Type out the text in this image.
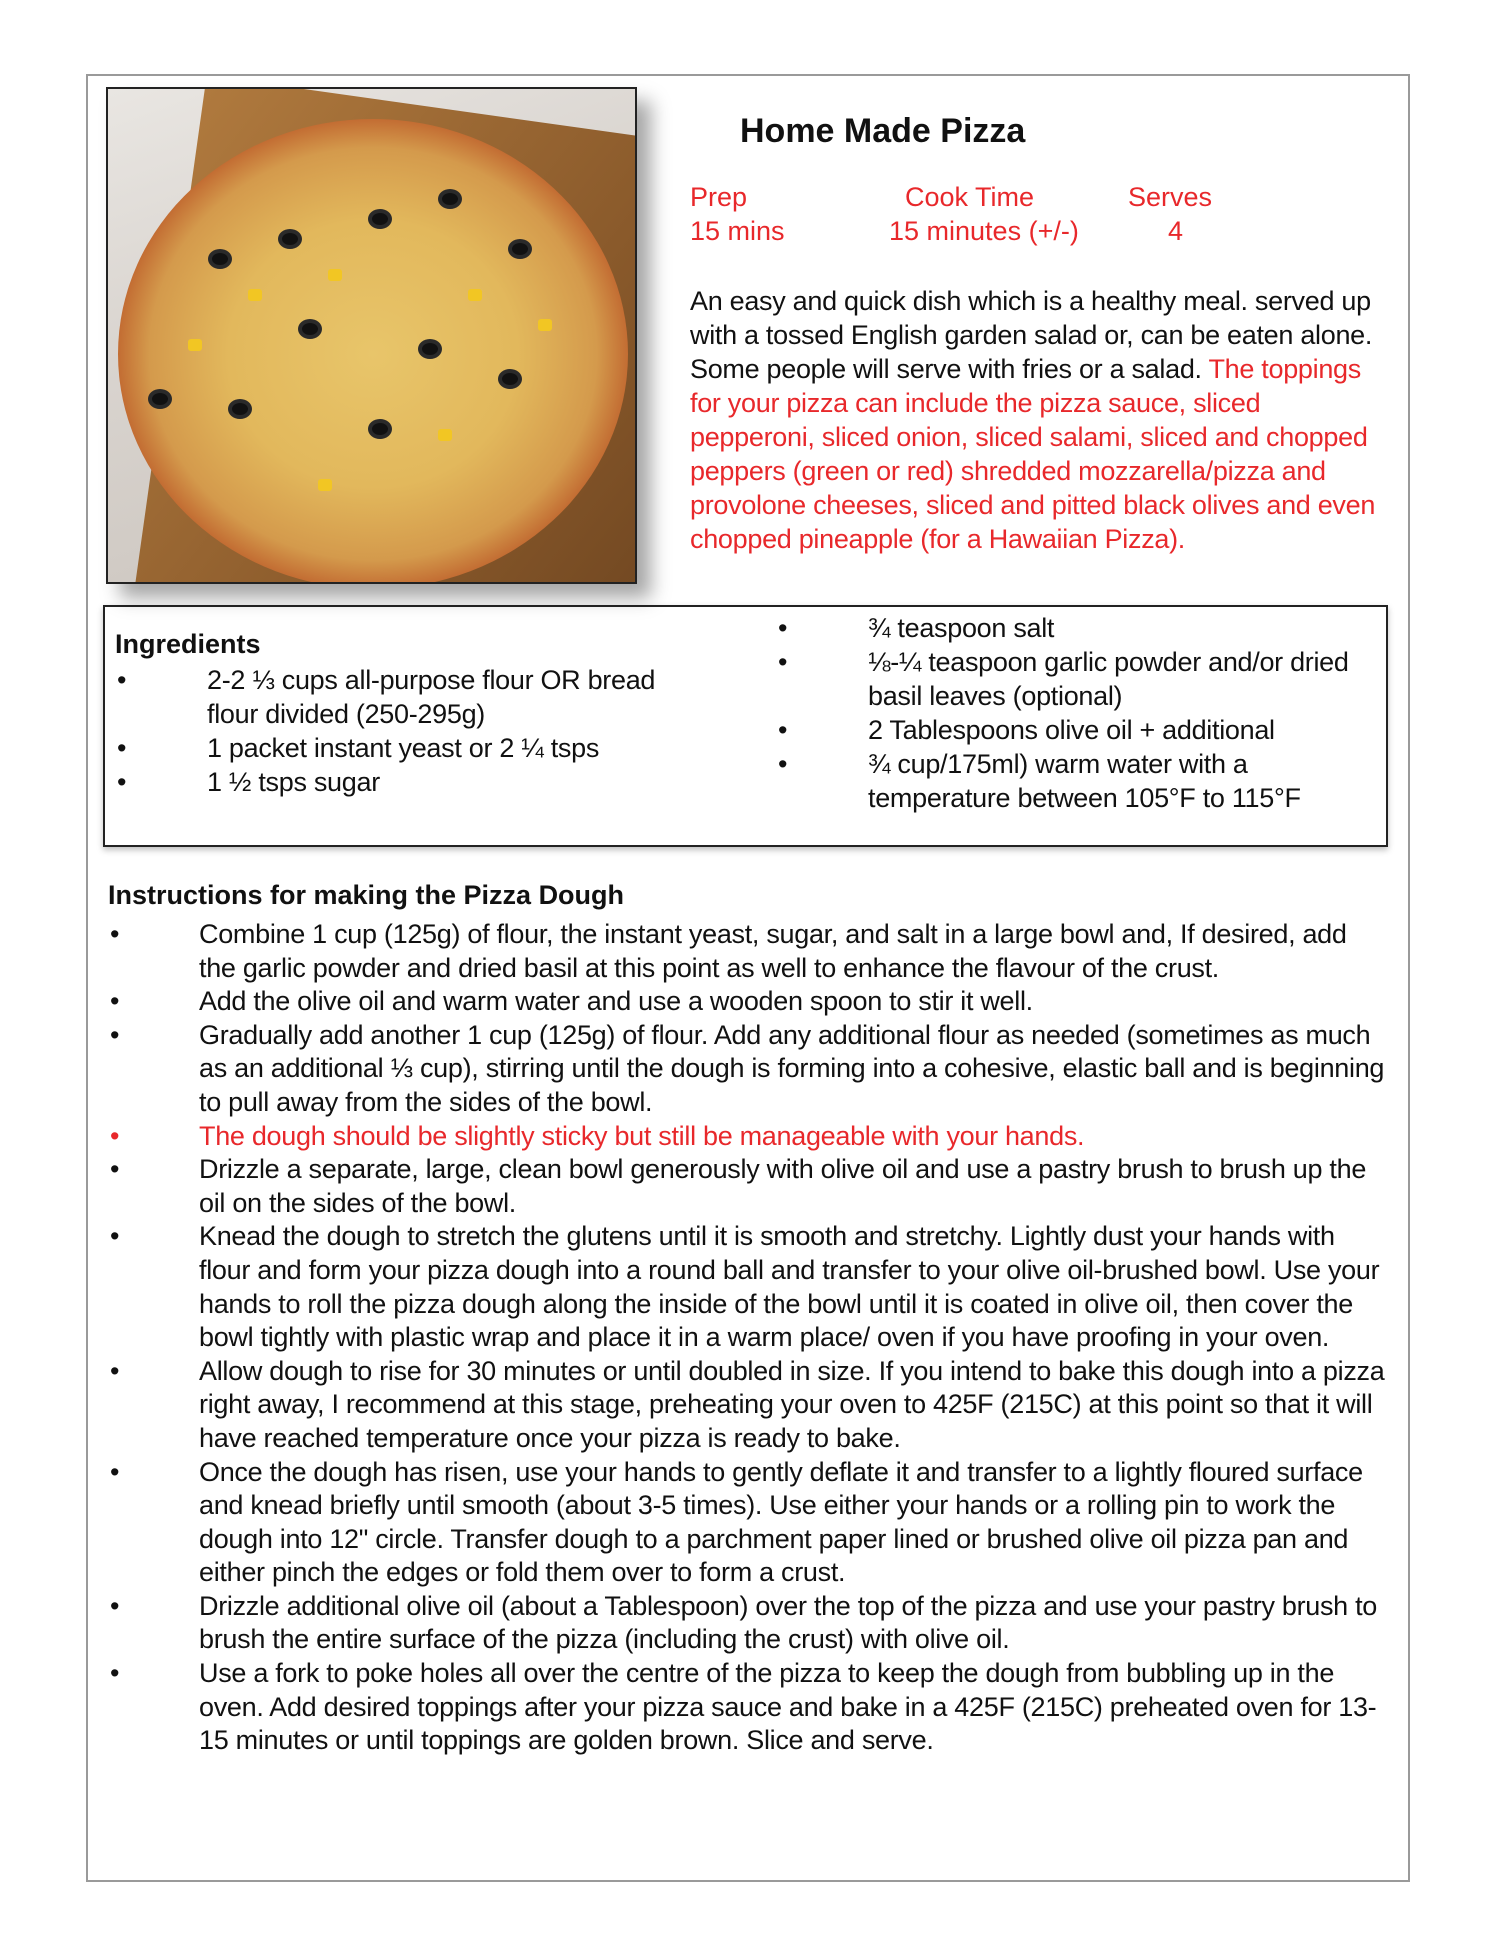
Home Made Pizza
Prep
15 mins
Cook Time
15 minutes (+/-)
Serves
4
An easy and quick dish which is a healthy meal. served up with a tossed English garden salad or, can be eaten alone. Some people will serve with fries or a salad. The toppings for your pizza can include the pizza sauce, sliced pepperoni, sliced onion, sliced salami, sliced and chopped peppers (green or red) shredded mozzarella/pizza and provolone cheeses, sliced and pitted black olives and even chopped pineapple (for a Hawaiian Pizza).
Ingredients
• 2-2 ⅓ cups all-purpose flour OR bread flour divided (250-295g)
• 1 packet instant yeast or 2 ¼ tsps
• 1 ½ tsps sugar
• ¾ teaspoon salt
• ⅛-¼ teaspoon garlic powder and/or dried basil leaves (optional)
• 2 Tablespoons olive oil + additional
• ¾ cup/175ml) warm water with a temperature between 105°F to 115°F
Instructions for making the Pizza Dough
• Combine 1 cup (125g) of flour, the instant yeast, sugar, and salt in a large bowl and, If desired, add the garlic powder and dried basil at this point as well to enhance the flavour of the crust.
• Add the olive oil and warm water and use a wooden spoon to stir it well.
• Gradually add another 1 cup (125g) of flour. Add any additional flour as needed (sometimes as much as an additional ⅓ cup), stirring until the dough is forming into a cohesive, elastic ball and is beginning to pull away from the sides of the bowl.
• The dough should be slightly sticky but still be manageable with your hands.
• Drizzle a separate, large, clean bowl generously with olive oil and use a pastry brush to brush up the oil on the sides of the bowl.
• Knead the dough to stretch the glutens until it is smooth and stretchy. Lightly dust your hands with flour and form your pizza dough into a round ball and transfer to your olive oil-brushed bowl. Use your hands to roll the pizza dough along the inside of the bowl until it is coated in olive oil, then cover the bowl tightly with plastic wrap and place it in a warm place/ oven if you have proofing in your oven.
• Allow dough to rise for 30 minutes or until doubled in size. If you intend to bake this dough into a pizza right away, I recommend at this stage, preheating your oven to 425F (215C) at this point so that it will have reached temperature once your pizza is ready to bake.
• Once the dough has risen, use your hands to gently deflate it and transfer to a lightly floured surface and knead briefly until smooth (about 3-5 times). Use either your hands or a rolling pin to work the dough into 12" circle. Transfer dough to a parchment paper lined or brushed olive oil pizza pan and either pinch the edges or fold them over to form a crust.
• Drizzle additional olive oil (about a Tablespoon) over the top of the pizza and use your pastry brush to brush the entire surface of the pizza (including the crust) with olive oil.
• Use a fork to poke holes all over the centre of the pizza to keep the dough from bubbling up in the oven. Add desired toppings after your pizza sauce and bake in a 425F (215C) preheated oven for 13-15 minutes or until toppings are golden brown. Slice and serve.
